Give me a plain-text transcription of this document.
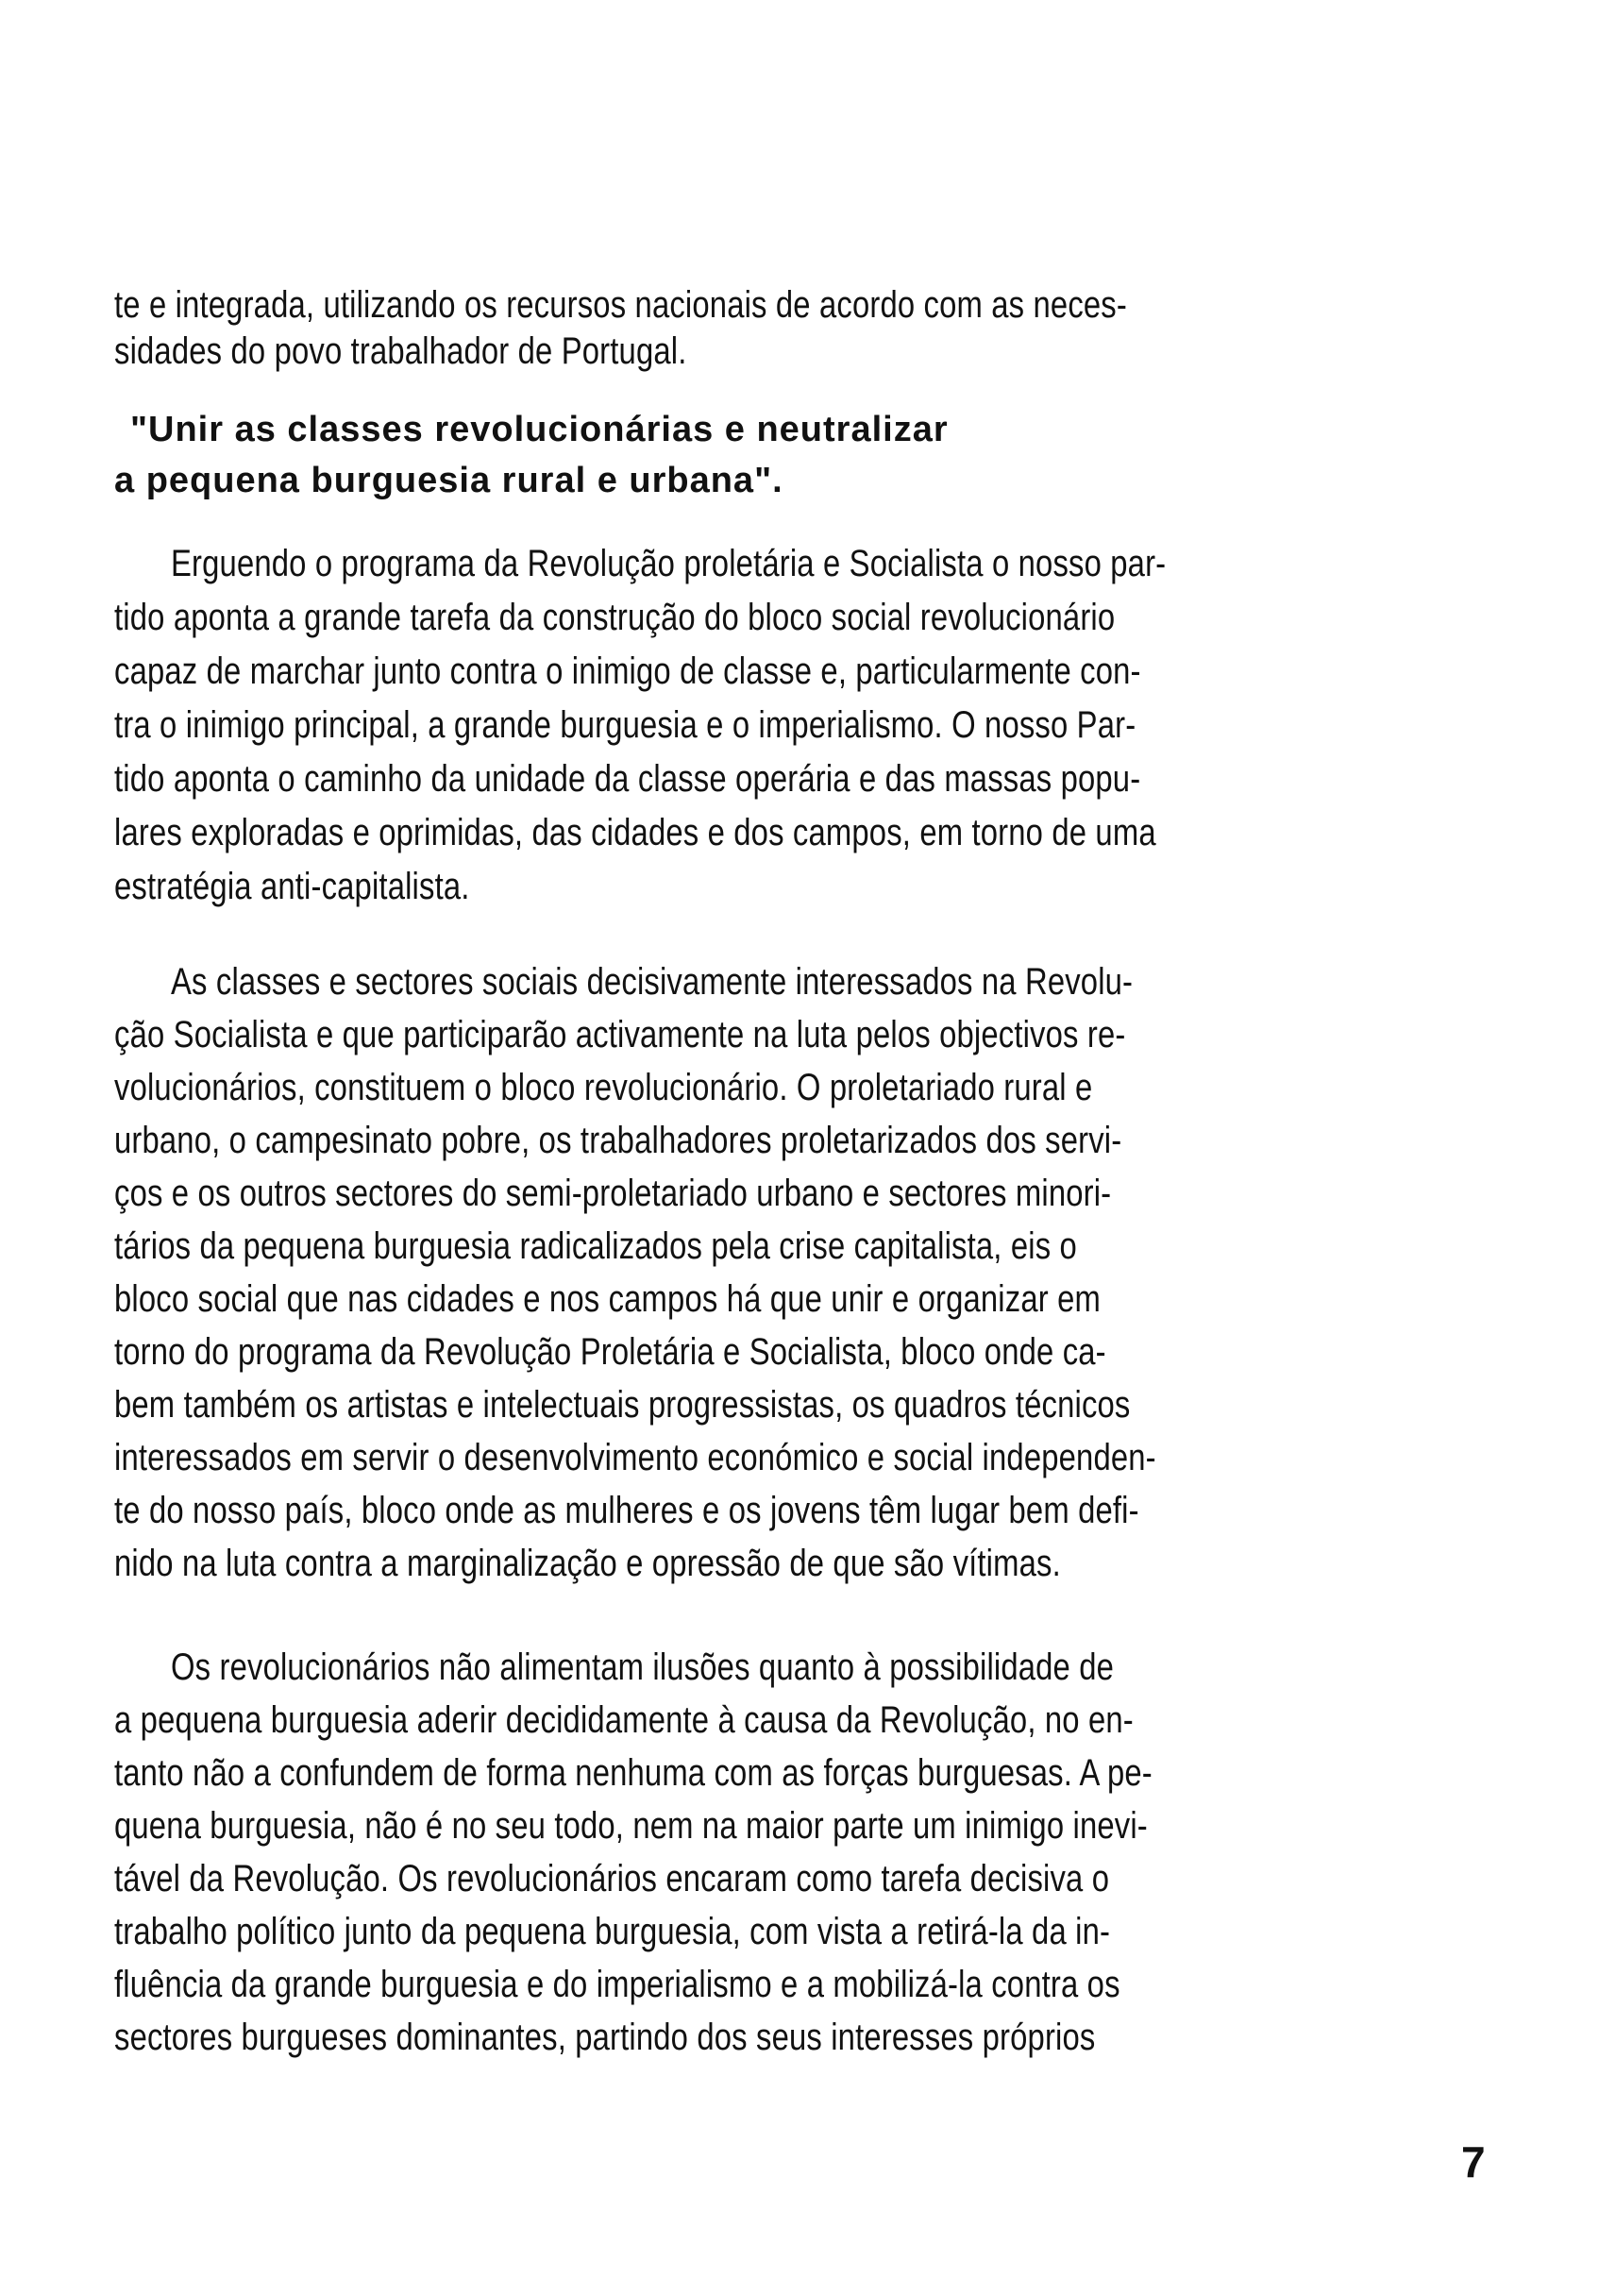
te e integrada, utilizando os recursos nacionais de acordo com as neces-
sidades do povo trabalhador de Portugal.
"Unir as classes revolucionárias e neutralizar
a pequena burguesia rural e urbana".
Erguendo o programa da Revolução proletária e Socialista o nosso par-
tido aponta a grande tarefa da construção do bloco social revolucionário
capaz de marchar junto contra o inimigo de classe e, particularmente con-
tra o inimigo principal, a grande burguesia e o imperialismo. O nosso Par-
tido aponta o caminho da unidade da classe operária e das massas popu-
lares exploradas e oprimidas, das cidades e dos campos, em torno de uma
estratégia anti-capitalista.
As classes e sectores sociais decisivamente interessados na Revolu-
ção Socialista e que participarão activamente na luta pelos objectivos re-
volucionários, constituem o bloco revolucionário. O proletariado rural e
urbano, o campesinato pobre, os trabalhadores proletarizados dos servi-
ços e os outros sectores do semi-proletariado urbano e sectores minori-
tários da pequena burguesia radicalizados pela crise capitalista, eis o
bloco social que nas cidades e nos campos há que unir e organizar em
torno do programa da Revolução Proletária e Socialista, bloco onde ca-
bem também os artistas e intelectuais progressistas, os quadros técnicos
interessados em servir o desenvolvimento económico e social independen-
te do nosso país, bloco onde as mulheres e os jovens têm lugar bem defi-
nido na luta contra a marginalização e opressão de que são vítimas.
Os revolucionários não alimentam ilusões quanto à possibilidade de
a pequena burguesia aderir decididamente à causa da Revolução, no en-
tanto não a confundem de forma nenhuma com as forças burguesas. A pe-
quena burguesia, não é no seu todo, nem na maior parte um inimigo inevi-
tável da Revolução. Os revolucionários encaram como tarefa decisiva o
trabalho político junto da pequena burguesia, com vista a retirá-la da in-
fluência da grande burguesia e do imperialismo e a mobilizá-la contra os
sectores burgueses dominantes, partindo dos seus interesses próprios
7
